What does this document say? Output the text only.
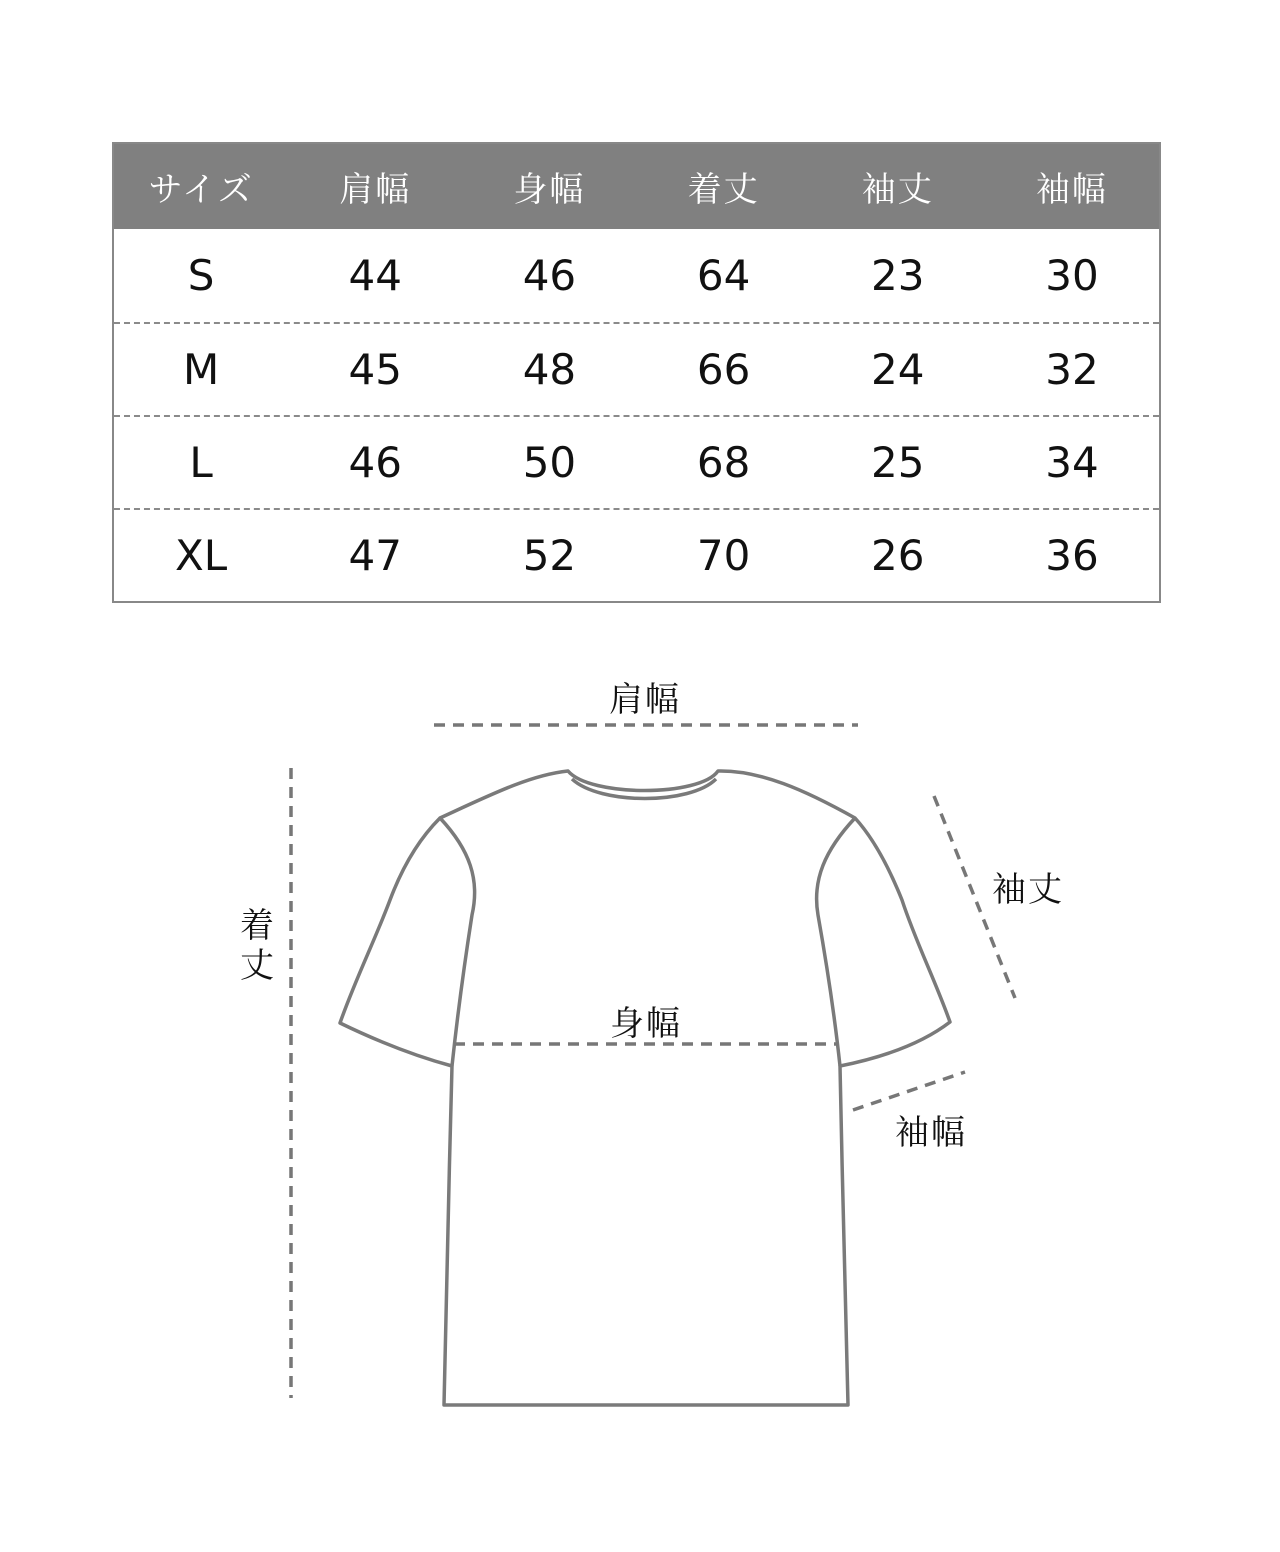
サイズ	肩幅	身幅	着丈	袖丈	袖幅
S	44	46	64	23	30
M	45	48	66	24	32
L	46	50	68	25	34
XL	47	52	70	26	36
肩幅
身幅
袖丈
袖幅
着
丈
